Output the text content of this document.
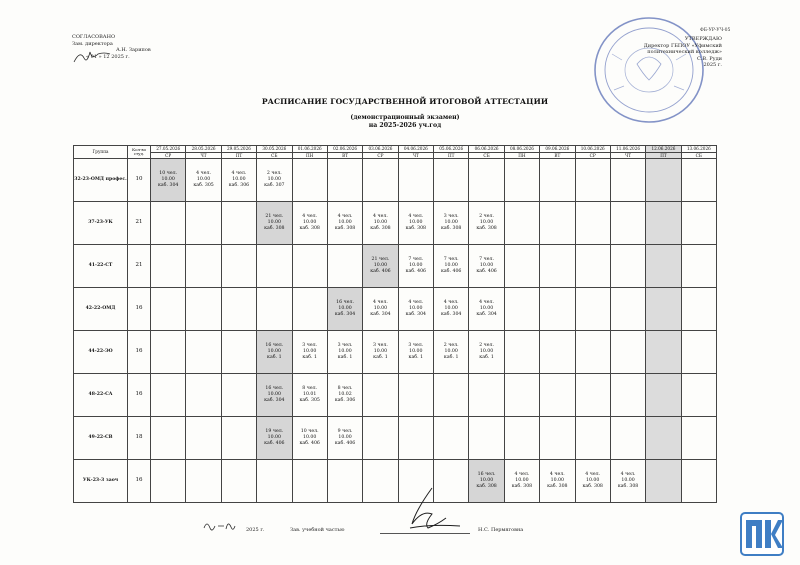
ФБ-УР-УЧ-05
СОГЛАСОВАНО
Зам. директора
А.Н. Зарипов
« 01 » 12 2025 г.
УТВЕРЖДАЮ
Директор ГБПОУ «Уфимский
политехнический колледж»
С.В. Руди
2025 г.
РАСПИСАНИЕ ГОСУДАРСТВЕННОЙ ИТОГОВОЙ АТТЕСТАЦИИ
(демонстрационный экзамен)
на 2025-2026 уч.год
Группа	Кол-во студ.	27.05.2026	28.05.2026	29.05.2026	30.05.2026	01.06.2026	02.06.2026	03.06.2026	04.06.2026	05.06.2026	06.06.2026	08.06.2026	09.06.2026	10.06.2026	11.06.2026	12.06.2026	13.06.2026
		СР	ЧТ	ПТ	СБ	ПН	ВТ	СР	ЧТ	ПТ	СБ	ПН	ВТ	СР	ЧТ	ПТ	СБ
32-23-ОМД профес.	10	10 чел.
10.00
каб. 304	4 чел.
10.00
каб. 305	4 чел.
10.00
каб. 306	2 чел.
10.00
каб. 307												

37-23-УК	21				21 чел.
10.00
каб. 308	4 чел.
10.00
каб. 308	4 чел.
10.00
каб. 308	4 чел.
10.00
каб. 308	4 чел.
10.00
каб. 308	3 чел.
10.00
каб. 308	2 чел.
10.00
каб. 308						

41-22-СТ	21							21 чел.
10.00
каб. 406	7 чел.
10.00
каб. 406	7 чел.
10.00
каб. 406	7 чел.
10.00
каб. 406						

42-22-ОМД	16						16 чел.
10.00
каб. 304	4 чел.
10.00
каб. 304	4 чел.
10.00
каб. 304	4 чел.
10.00
каб. 304	4 чел.
10.00
каб. 304						

44-22-ЭО	16				16 чел.
10.00
каб. 1	3 чел.
10.00
каб. 1	3 чел.
10.00
каб. 1	3 чел.
10.00
каб. 1	3 чел.
10.00
каб. 1	2 чел.
10.00
каб. 1	2 чел.
10.00
каб. 1						

48-22-СА	16				16 чел.
10.00
каб. 304	8 чел.
10.01
каб. 305	8 чел.
10.02
каб. 306										

49-22-СВ	18				19 чел.
10.00
каб. 406	10 чел.
10.00
каб. 406	9 чел.
10.00
каб. 406										

УК-23-3 заоч	16										16 чел.
10.00
каб. 308	4 чел.
10.00
каб. 308	4 чел.
10.00
каб. 308	4 чел.
10.00
каб. 308	4 чел.
10.00
каб. 308		

2025 г.	Зав. учебной частью	Н.С. Пермяговна
